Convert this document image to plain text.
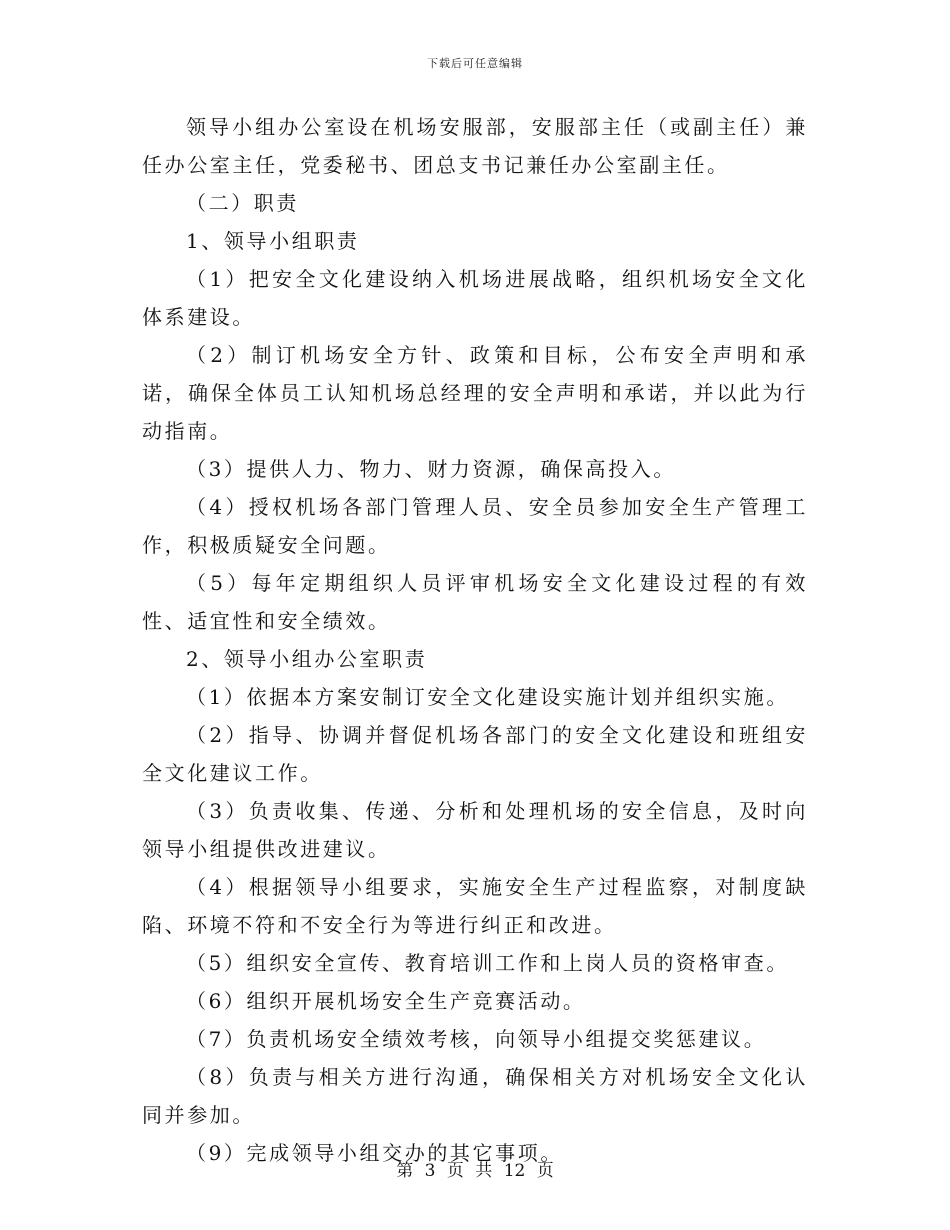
下载后可任意编辑

领导小组办公室设在机场安服部，安服部主任（或副主任）兼任办公室主任，党委秘书、团总支书记兼任办公室副主任。

（二）职责

1、领导小组职责

（1）把安全文化建设纳入机场进展战略，组织机场安全文化体系建设。

（2）制订机场安全方针、政策和目标，公布安全声明和承诺，确保全体员工认知机场总经理的安全声明和承诺，并以此为行动指南。

（3）提供人力、物力、财力资源，确保高投入。

（4）授权机场各部门管理人员、安全员参加安全生产管理工作，积极质疑安全问题。

（5）每年定期组织人员评审机场安全文化建设过程的有效性、适宜性和安全绩效。

2、领导小组办公室职责

（1）依据本方案安制订安全文化建设实施计划并组织实施。

（2）指导、协调并督促机场各部门的安全文化建设和班组安全文化建议工作。

（3）负责收集、传递、分析和处理机场的安全信息，及时向领导小组提供改进建议。

（4）根据领导小组要求，实施安全生产过程监察，对制度缺陷、环境不符和不安全行为等进行纠正和改进。

（5）组织安全宣传、教育培训工作和上岗人员的资格审查。

（6）组织开展机场安全生产竞赛活动。

（7）负责机场安全绩效考核，向领导小组提交奖惩建议。

（8）负责与相关方进行沟通，确保相关方对机场安全文化认同并参加。

（9）完成领导小组交办的其它事项。

第 3 页 共 12 页
